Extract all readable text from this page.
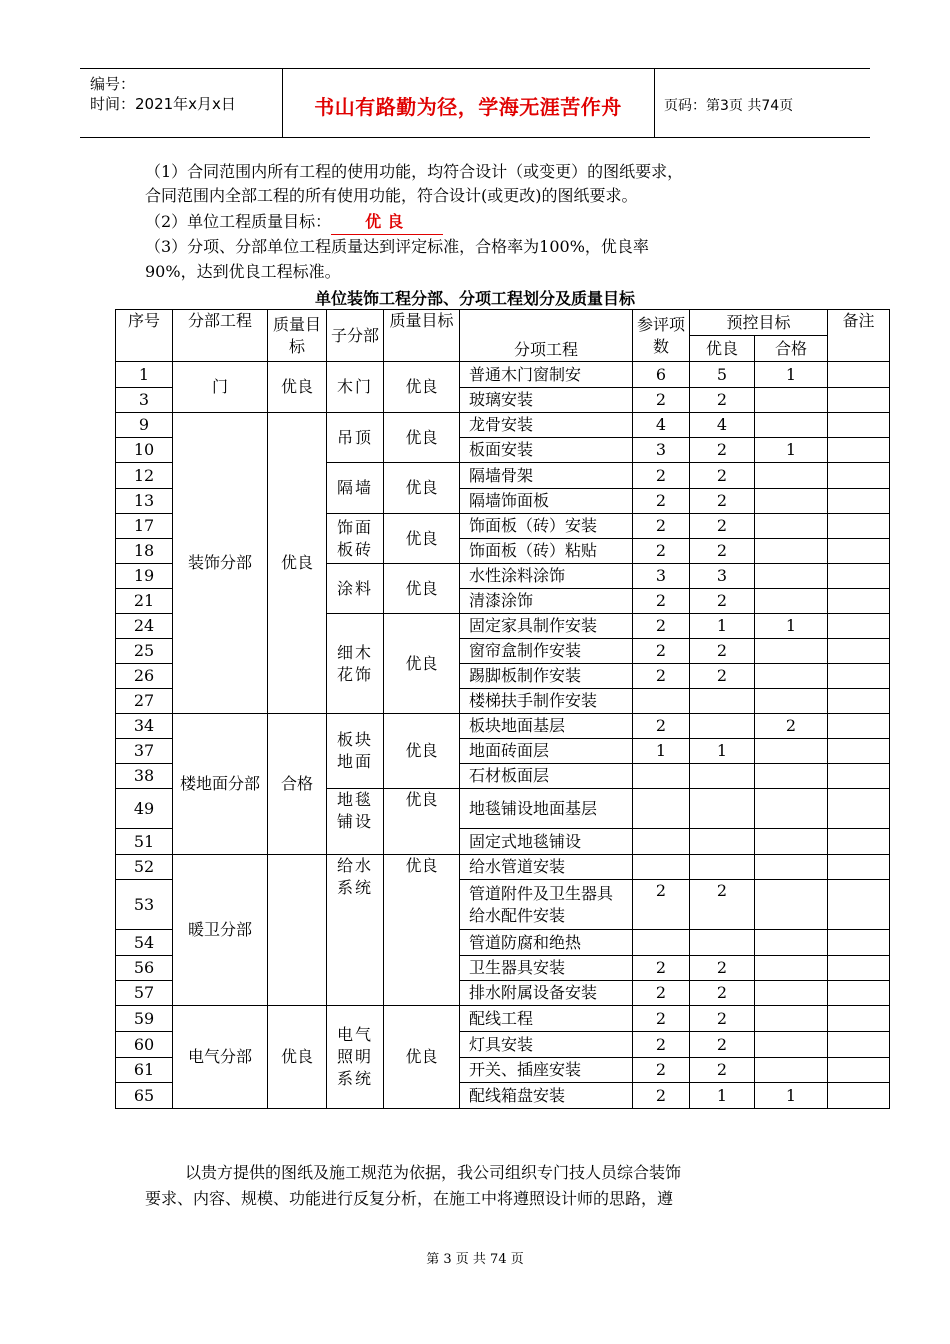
编号：
时间：2021年x月x日	书山有路勤为径，学海无涯苦作舟	页码：第3页 共74页
（1）合同范围内所有工程的使用功能，均符合设计（或变更）的图纸要求，
合同范围内全部工程的所有使用功能，符合设计(或更改)的图纸要求。
（2）单位工程质量目标： 优良
（3）分项、分部单位工程质量达到评定标准，合格率为100%，优良率
90%，达到优良工程标准。
单位装饰工程分部、分项工程划分及质量目标
序号	分部工程	质量目标	子分部	质量目标	分项工程	参评项数	预控目标		备注
							优良	合格	
1	门	优良	木门	优良	普通木门窗制安	6	5	1	
3					玻璃安装	2	2		
9	装饰分部	优良	吊顶	优良	龙骨安装	4	4		
10					板面安装	3	2	1	
12			隔墙	优良	隔墙骨架	2	2		
13					隔墙饰面板	2	2		
17			饰面板砖	优良	饰面板（砖）安装	2	2		
18					饰面板（砖）粘贴	2	2		
19			涂料	优良	水性涂料涂饰	3	3		
21					清漆涂饰	2	2		
24			细木花饰	优良	固定家具制作安装	2	1	1	
25					窗帘盒制作安装	2	2		
26					踢脚板制作安装	2	2		
27					楼梯扶手制作安装				
34	楼地面分部	合格	板块地面	优良	板块地面基层	2		2	
37					地面砖面层	1	1		
38					石材板面层				
49			地毯铺设	优良	地毯铺设地面基层				
51					固定式地毯铺设				
52	暖卫分部		给水系统	优良	给水管道安装				
53					管道附件及卫生器具给水配件安装	2	2		
54					管道防腐和绝热				
56					卫生器具安装	2	2		
57					排水附属设备安装	2	2		
59	电气分部	优良	电气照明系统	优良	配线工程	2	2		
60					灯具安装	2	2		
61					开关、插座安装	2	2		
65					配线箱盘安装	2	1	1	
以贵方提供的图纸及施工规范为依据，我公司组织专门技人员综合装饰
要求、内容、规模、功能进行反复分析，在施工中将遵照设计师的思路，遵
第 3 页 共 74 页
